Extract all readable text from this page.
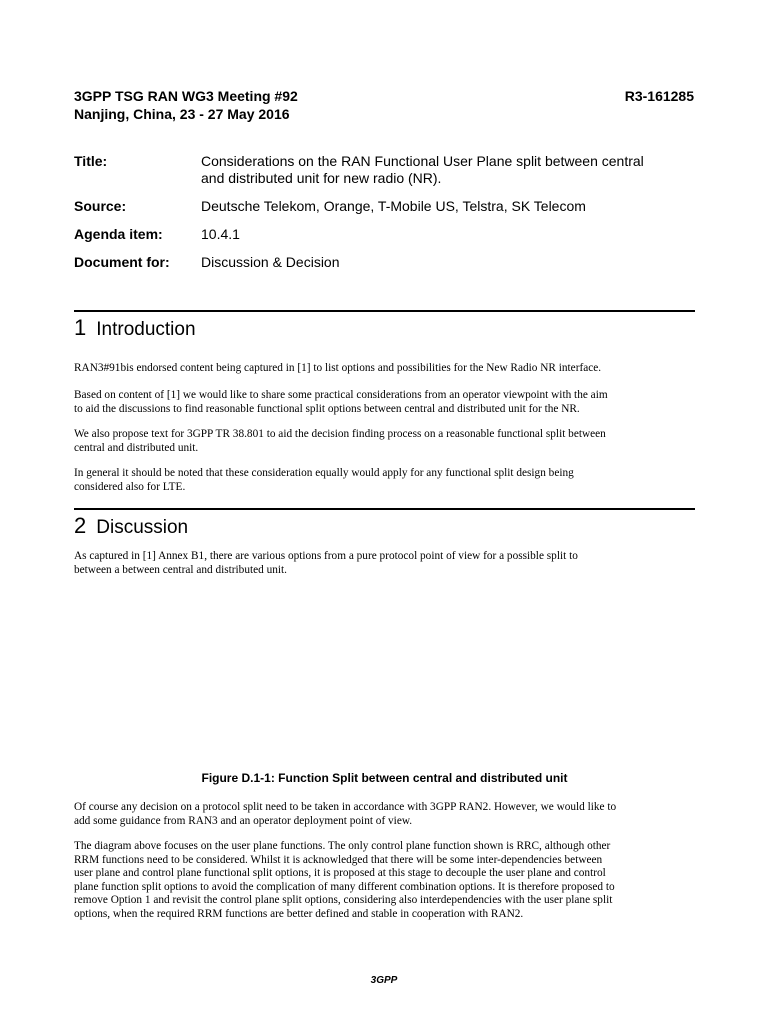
3GPP TSG RAN WG3 Meeting #92	R3-161285
Nanjing, China, 23 - 27 May 2016
Title:	Considerations on the RAN Functional User Plane split between central
and distributed unit for new radio (NR).
Source:	Deutsche Telekom, Orange, T-Mobile US, Telstra, SK Telecom
Agenda item:	10.4.1
Document for: Discussion & Decision
1 Introduction
RAN3#91bis endorsed content being captured in [1] to list options and possibilities for the New Radio NR interface.
Based on content of [1] we would like to share some practical considerations from an operator viewpoint with the aim
to aid the discussions to find reasonable functional split options between central and distributed unit for the NR.
We also propose text for 3GPP TR 38.801 to aid the decision finding process on a reasonable functional split between
central and distributed unit.
In general it should be noted that these consideration equally would apply for any functional split design being
considered also for LTE.
2 Discussion
As captured in [1] Annex B1, there are various options from a pure protocol point of view for a possible split to
between a between central and distributed unit.
Figure D.1-1: Function Split between central and distributed unit
Of course any decision on a protocol split need to be taken in accordance with 3GPP RAN2. However, we would like to
add some guidance from RAN3 and an operator deployment point of view.
The diagram above focuses on the user plane functions. The only control plane function shown is RRC, although other
RRM functions need to be considered. Whilst it is acknowledged that there will be some inter-dependencies between
user plane and control plane functional split options, it is proposed at this stage to decouple the user plane and control
plane function split options to avoid the complication of many different combination options. It is therefore proposed to
remove Option 1 and revisit the control plane split options, considering also interdependencies with the user plane split
options, when the required RRM functions are better defined and stable in cooperation with RAN2.
3GPP
